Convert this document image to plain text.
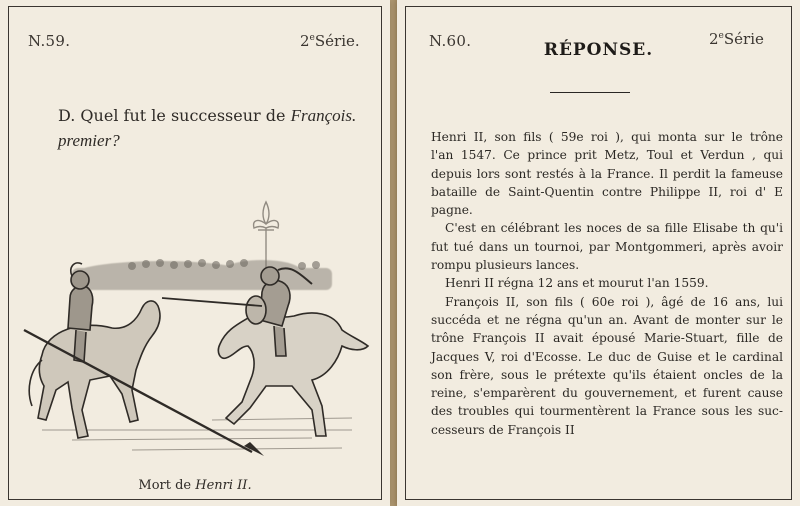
N.59.	2eSérie.
D. Quel fut le successeur de François. premier?
Mort de Henri II.
N.60.	2eSérie
RÉPONSE.
Henri II, son fils ( 59e roi ), qui monta sur le trône
l'an 1547. Ce prince prit Metz, Toul et Verdun , qui
depuis lors sont restés à la France. Il perdit la fameuse
bataille de Saint-Quentin contre Philippe II, roi d' E
pagne.
C'est en célébrant les noces de sa fille Elisabe th qu'i
fut tué dans un tournoi, par Montgommeri, après avoir
rompu plusieurs lances.
Henri II régna 12 ans et mourut l'an 1559.
François II, son fils ( 60e roi ), âgé de 16 ans, lui
succéda et ne régna qu'un an. Avant de monter sur le
trône François II avait épousé Marie-Stuart, fille de
Jacques V, roi d'Ecosse. Le duc de Guise et le cardinal
son frère, sous le prétexte qu'ils étaient oncles de la
reine, s'emparèrent du gouvernement, et furent cause
des troubles qui tourmentèrent la France sous les suc-
cesseurs de François II
